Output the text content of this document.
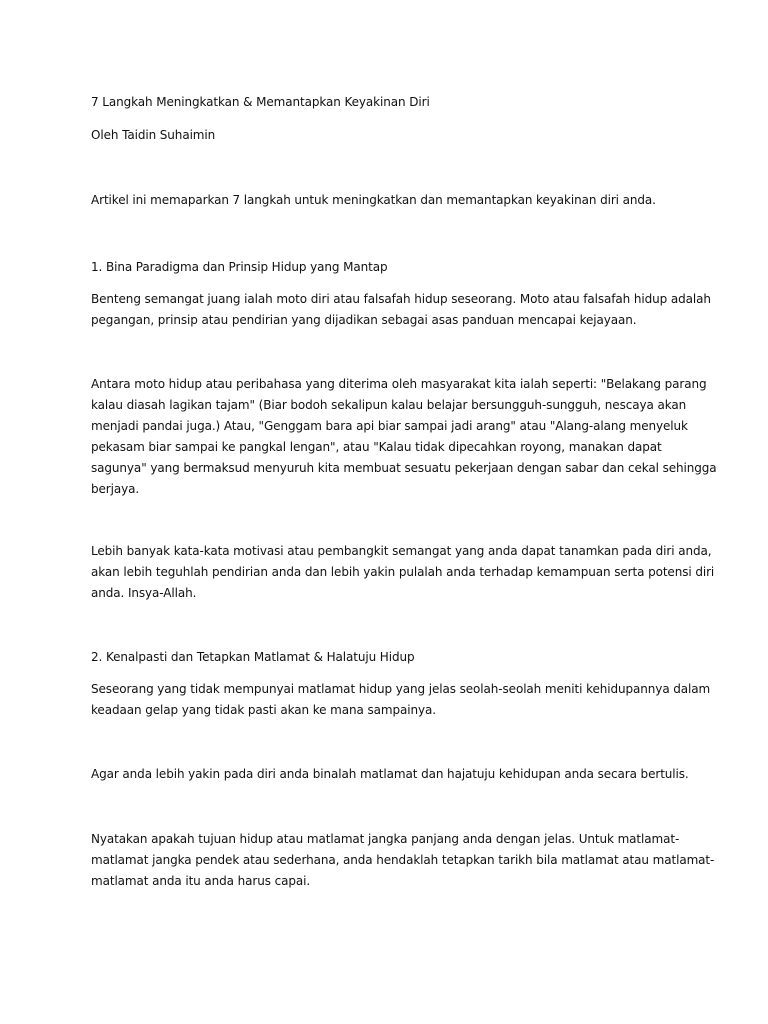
7 Langkah Meningkatkan & Memantapkan Keyakinan Diri
Oleh Taidin Suhaimin
Artikel ini memaparkan 7 langkah untuk meningkatkan dan memantapkan keyakinan diri anda.
1. Bina Paradigma dan Prinsip Hidup yang Mantap
Benteng semangat juang ialah moto diri atau falsafah hidup seseorang. Moto atau falsafah hidup adalah
pegangan, prinsip atau pendirian yang dijadikan sebagai asas panduan mencapai kejayaan.
Antara moto hidup atau peribahasa yang diterima oleh masyarakat kita ialah seperti: "Belakang parang
kalau diasah lagikan tajam" (Biar bodoh sekalipun kalau belajar bersungguh-sungguh, nescaya akan
menjadi pandai juga.) Atau, "Genggam bara api biar sampai jadi arang" atau "Alang-alang menyeluk
pekasam biar sampai ke pangkal lengan", atau "Kalau tidak dipecahkan royong, manakan dapat
sagunya" yang bermaksud menyuruh kita membuat sesuatu pekerjaan dengan sabar dan cekal sehingga
berjaya.
Lebih banyak kata-kata motivasi atau pembangkit semangat yang anda dapat tanamkan pada diri anda,
akan lebih teguhlah pendirian anda dan lebih yakin pulalah anda terhadap kemampuan serta potensi diri
anda. Insya-Allah.
2. Kenalpasti dan Tetapkan Matlamat & Halatuju Hidup
Seseorang yang tidak mempunyai matlamat hidup yang jelas seolah-seolah meniti kehidupannya dalam
keadaan gelap yang tidak pasti akan ke mana sampainya.
Agar anda lebih yakin pada diri anda binalah matlamat dan hajatuju kehidupan anda secara bertulis.
Nyatakan apakah tujuan hidup atau matlamat jangka panjang anda dengan jelas. Untuk matlamat-
matlamat jangka pendek atau sederhana, anda hendaklah tetapkan tarikh bila matlamat atau matlamat-
matlamat anda itu anda harus capai.
